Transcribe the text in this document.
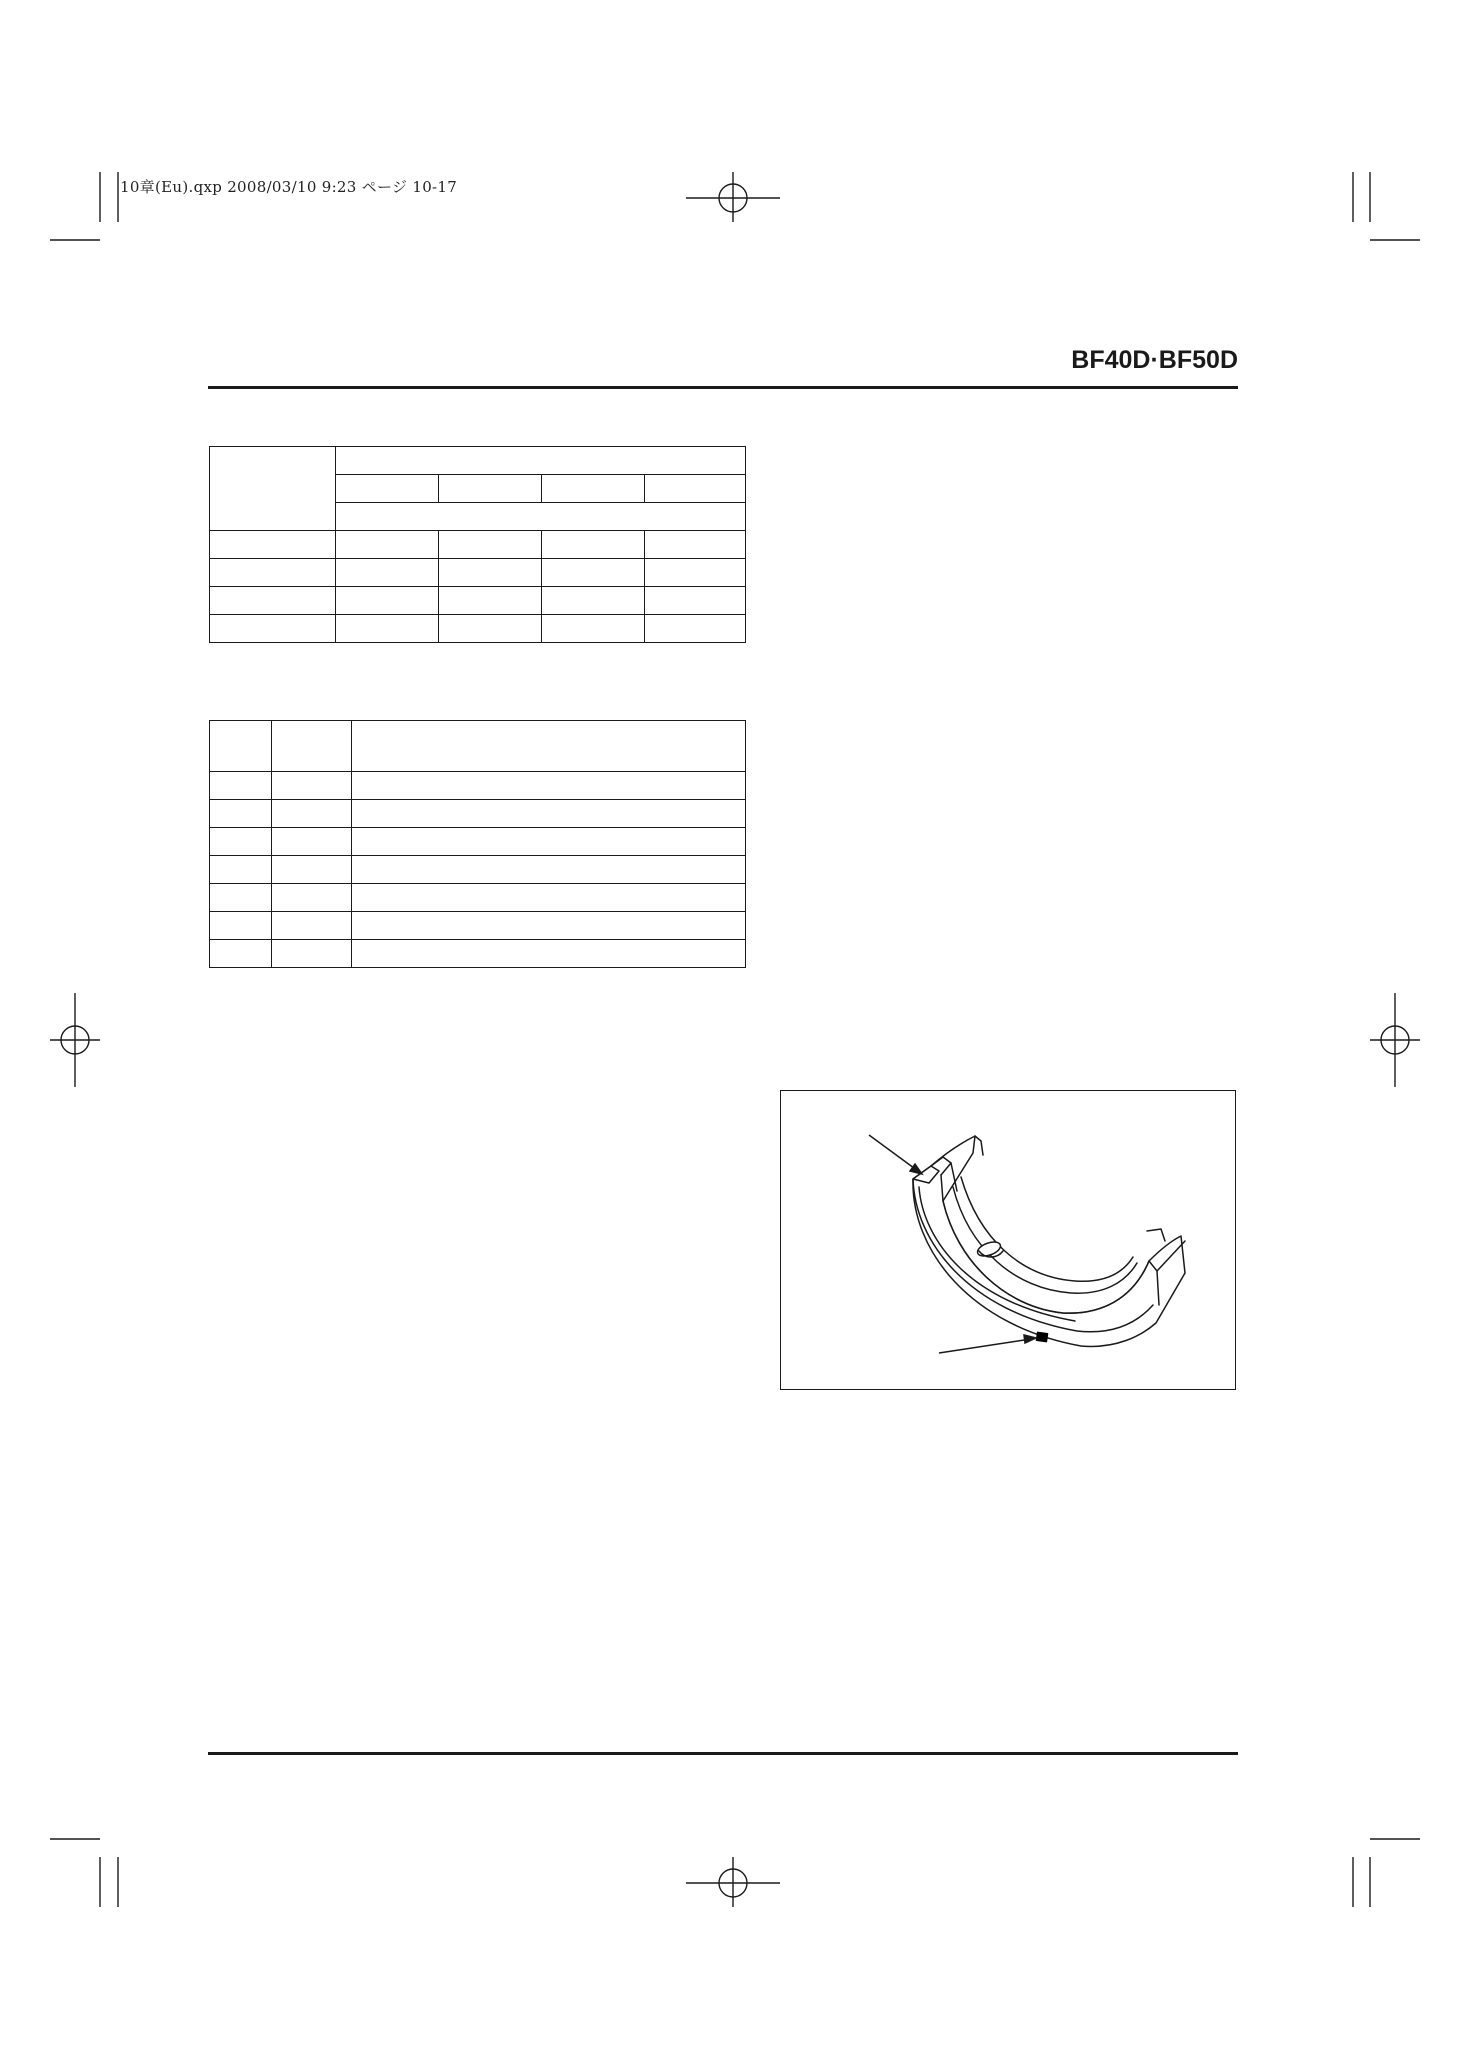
10章(Eu).qxp 2008/03/10 9:23 ページ 10-17
BF40D·BF50D
